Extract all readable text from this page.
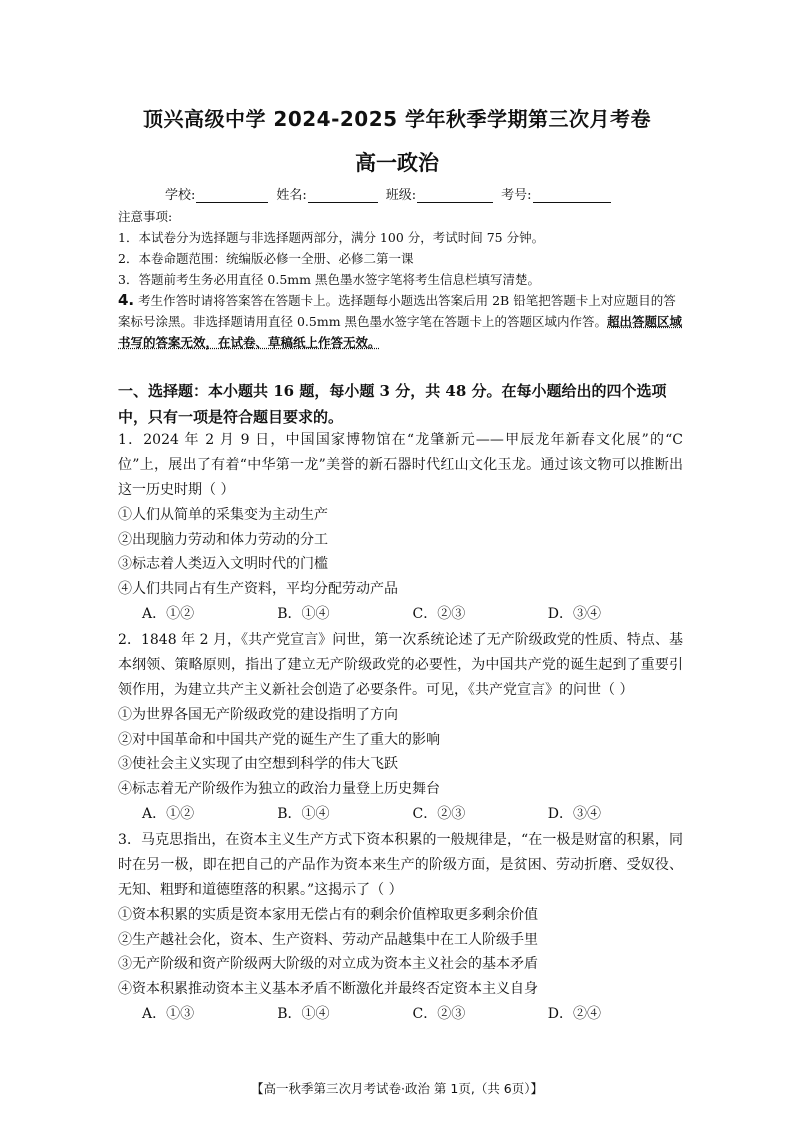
顶兴高级中学 2024-2025 学年秋季学期第三次月考卷
高一政治
学校:	姓名:	班级:	考号:
注意事项:
1．本试卷分为选择题与非选择题两部分，满分 100 分，考试时间 75 分钟。
2．本卷命题范围：统编版必修一全册、必修二第一课
3．答题前考生务必用直径 0.5mm 黑色墨水签字笔将考生信息栏填写清楚。
4. 考生作答时请将答案答在答题卡上。选择题每小题选出答案后用 2B 铅笔把答题卡上对应题目的答案标号涂黑。非选择题请用直径 0.5mm 黑色墨水签字笔在答题卡上的答题区域内作答。超出答题区域书写的答案无效，在试卷、草稿纸上作答无效。
一、选择题：本小题共 16 题，每小题 3 分，共 48 分。在每小题给出的四个选项中，只有一项是符合题目要求的。
1．2024 年 2 月 9 日，中国国家博物馆在“龙肇新元——甲辰龙年新春文化展”的“C 位”上，展出了有着“中华第一龙”美誉的新石器时代红山文化玉龙。通过该文物可以推断出这一历史时期（ ）
①人们从简单的采集变为主动生产
②出现脑力劳动和体力劳动的分工
③标志着人类迈入文明时代的门槛
④人们共同占有生产资料，平均分配劳动产品
A．①②	B．①④	C．②③	D．③④
2．1848 年 2 月，《共产党宣言》问世，第一次系统论述了无产阶级政党的性质、特点、基本纲领、策略原则，指出了建立无产阶级政党的必要性，为中国共产党的诞生起到了重要引领作用，为建立共产主义新社会创造了必要条件。可见，《共产党宣言》的问世（ ）
①为世界各国无产阶级政党的建设指明了方向
②对中国革命和中国共产党的诞生产生了重大的影响
③使社会主义实现了由空想到科学的伟大飞跃
④标志着无产阶级作为独立的政治力量登上历史舞台
A．①②	B．①④	C．②③	D．③④
3．马克思指出，在资本主义生产方式下资本积累的一般规律是，“在一极是财富的积累，同时在另一极，即在把自己的产品作为资本来生产的阶级方面，是贫困、劳动折磨、受奴役、无知、粗野和道德堕落的积累。”这揭示了（ ）
①资本积累的实质是资本家用无偿占有的剩余价值榨取更多剩余价值
②生产越社会化，资本、生产资料、劳动产品越集中在工人阶级手里
③无产阶级和资产阶级两大阶级的对立成为资本主义社会的基本矛盾
④资本积累推动资本主义基本矛盾不断激化并最终否定资本主义自身
A．①③	B．①④	C．②③	D．②④
【高一秋季第三次月考试卷·政治 第 1页,（共 6页）】
